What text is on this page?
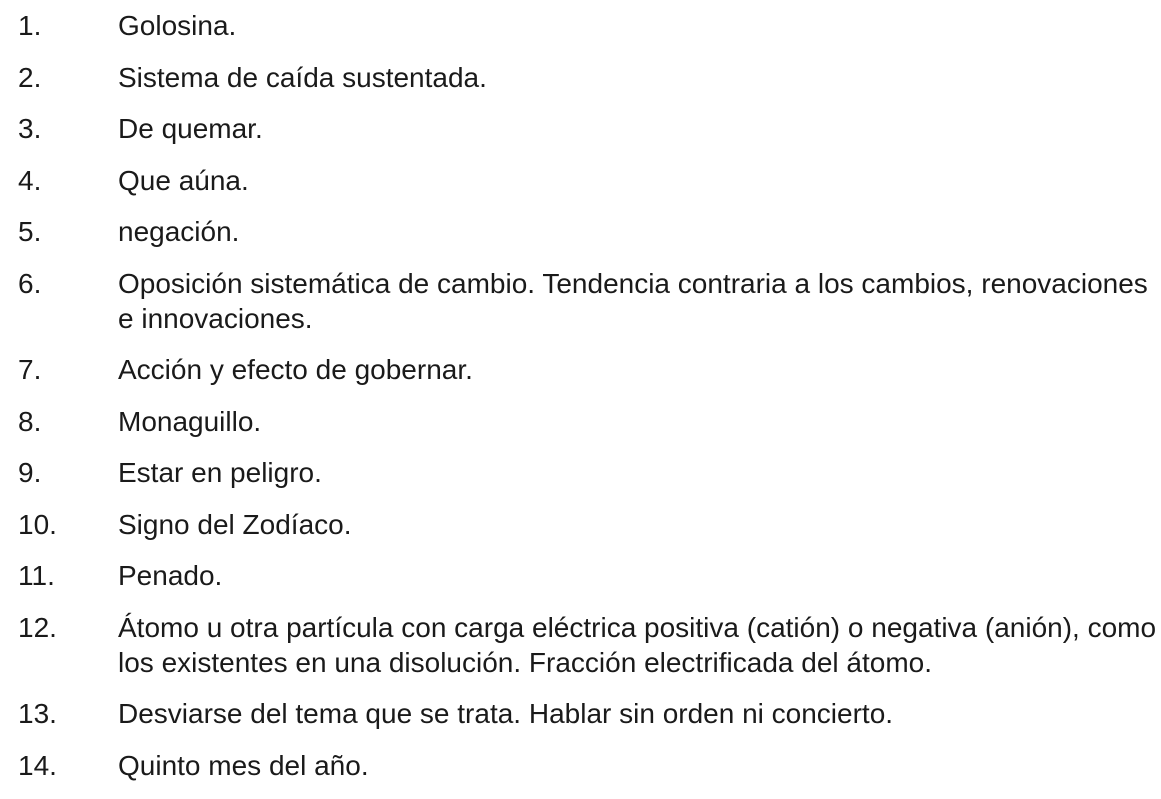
1.	Golosina.
2.	Sistema de caída sustentada.
3.	De quemar.
4.	Que aúna.
5.	negación.
6.	Oposición sistemática de cambio. Tendencia contraria a los cambios, renovaciones e innovaciones.
7.	Acción y efecto de gobernar.
8.	Monaguillo.
9.	Estar en peligro.
10. Signo del Zodíaco.
11. Penado.
12. Átomo u otra partícula con carga eléctrica positiva (catión) o negativa (anión), como los existentes en una disolución. Fracción electrificada del átomo.
13. Desviarse del tema que se trata. Hablar sin orden ni concierto.
14. Quinto mes del año.
